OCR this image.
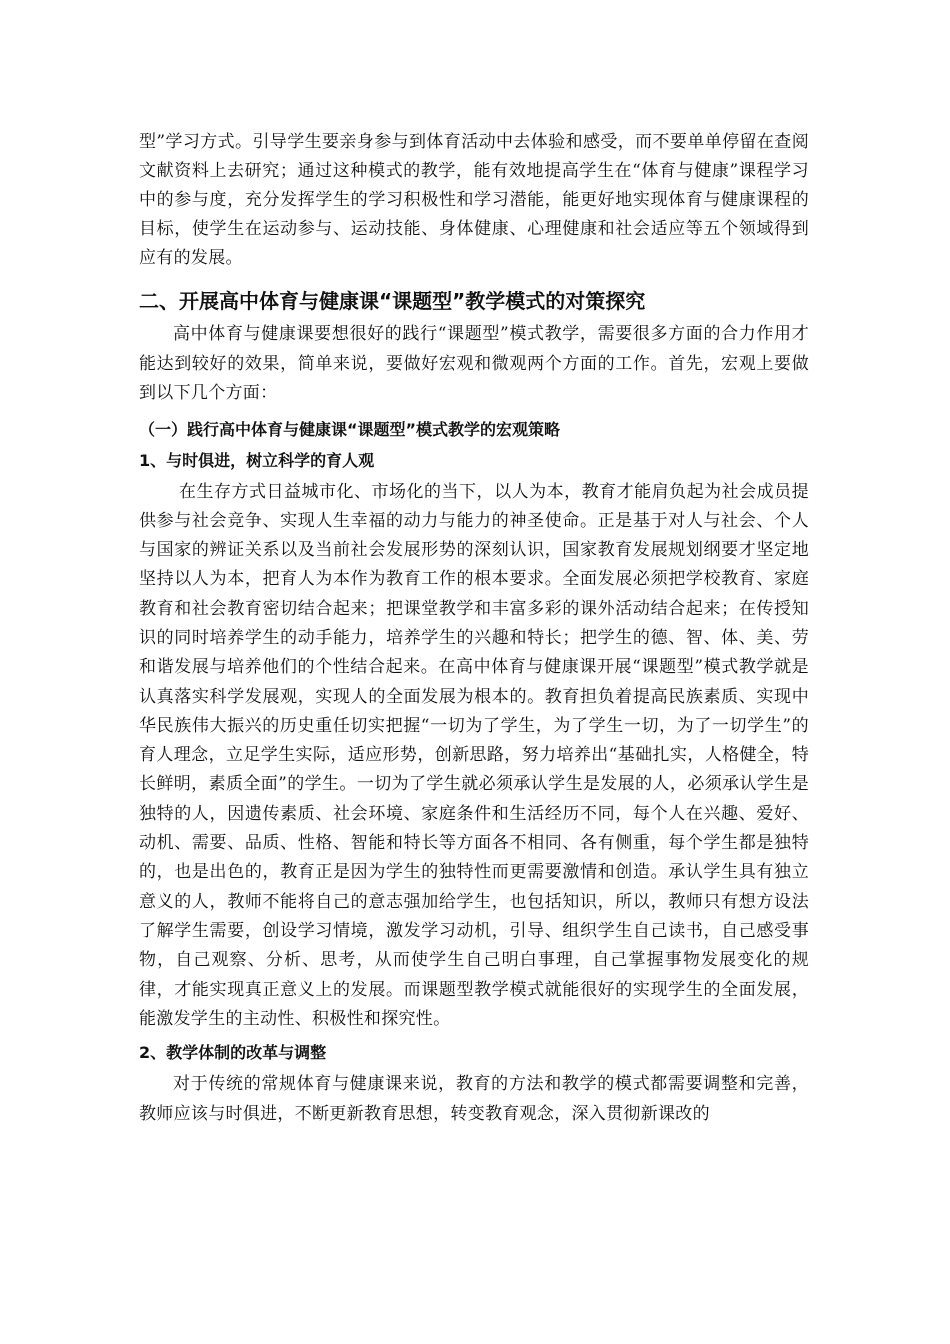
型”学习方式。引导学生要亲身参与到体育活动中去体验和感受，而不要单单停留在查阅文献资料上去研究；通过这种模式的教学，能有效地提高学生在“体育与健康”课程学习中的参与度，充分发挥学生的学习积极性和学习潜能，能更好地实现体育与健康课程的目标，使学生在运动参与、运动技能、身体健康、心理健康和社会适应等五个领域得到应有的发展。

二、开展高中体育与健康课“课题型”教学模式的对策探究

高中体育与健康课要想很好的践行“课题型”模式教学，需要很多方面的合力作用才能达到较好的效果，简单来说，要做好宏观和微观两个方面的工作。首先，宏观上要做到以下几个方面：

（一）践行高中体育与健康课“课题型”模式教学的宏观策略

1、与时俱进，树立科学的育人观

在生存方式日益城市化、市场化的当下，以人为本，教育才能肩负起为社会成员提供参与社会竞争、实现人生幸福的动力与能力的神圣使命。正是基于对人与社会、个人与国家的辨证关系以及当前社会发展形势的深刻认识，国家教育发展规划纲要才坚定地坚持以人为本，把育人为本作为教育工作的根本要求。全面发展必须把学校教育、家庭教育和社会教育密切结合起来；把课堂教学和丰富多彩的课外活动结合起来；在传授知识的同时培养学生的动手能力，培养学生的兴趣和特长；把学生的德、智、体、美、劳和谐发展与培养他们的个性结合起来。在高中体育与健康课开展“课题型”模式教学就是认真落实科学发展观，实现人的全面发展为根本的。教育担负着提高民族素质、实现中华民族伟大振兴的历史重任切实把握“一切为了学生，为了学生一切，为了一切学生”的育人理念，立足学生实际，适应形势，创新思路，努力培养出“基础扎实，人格健全，特长鲜明，素质全面”的学生。一切为了学生就必须承认学生是发展的人，必须承认学生是独特的人，因遗传素质、社会环境、家庭条件和生活经历不同，每个人在兴趣、爱好、动机、需要、品质、性格、智能和特长等方面各不相同、各有侧重，每个学生都是独特的，也是出色的，教育正是因为学生的独特性而更需要激情和创造。承认学生具有独立意义的人，教师不能将自己的意志强加给学生，也包括知识，所以，教师只有想方设法了解学生需要，创设学习情境，激发学习动机，引导、组织学生自己读书，自己感受事物，自己观察、分析、思考，从而使学生自己明白事理，自己掌握事物发展变化的规律，才能实现真正意义上的发展。而课题型教学模式就能很好的实现学生的全面发展，能激发学生的主动性、积极性和探究性。

2、教学体制的改革与调整

对于传统的常规体育与健康课来说，教育的方法和教学的模式都需要调整和完善，教师应该与时俱进，不断更新教育思想，转变教育观念，深入贯彻新课改的
